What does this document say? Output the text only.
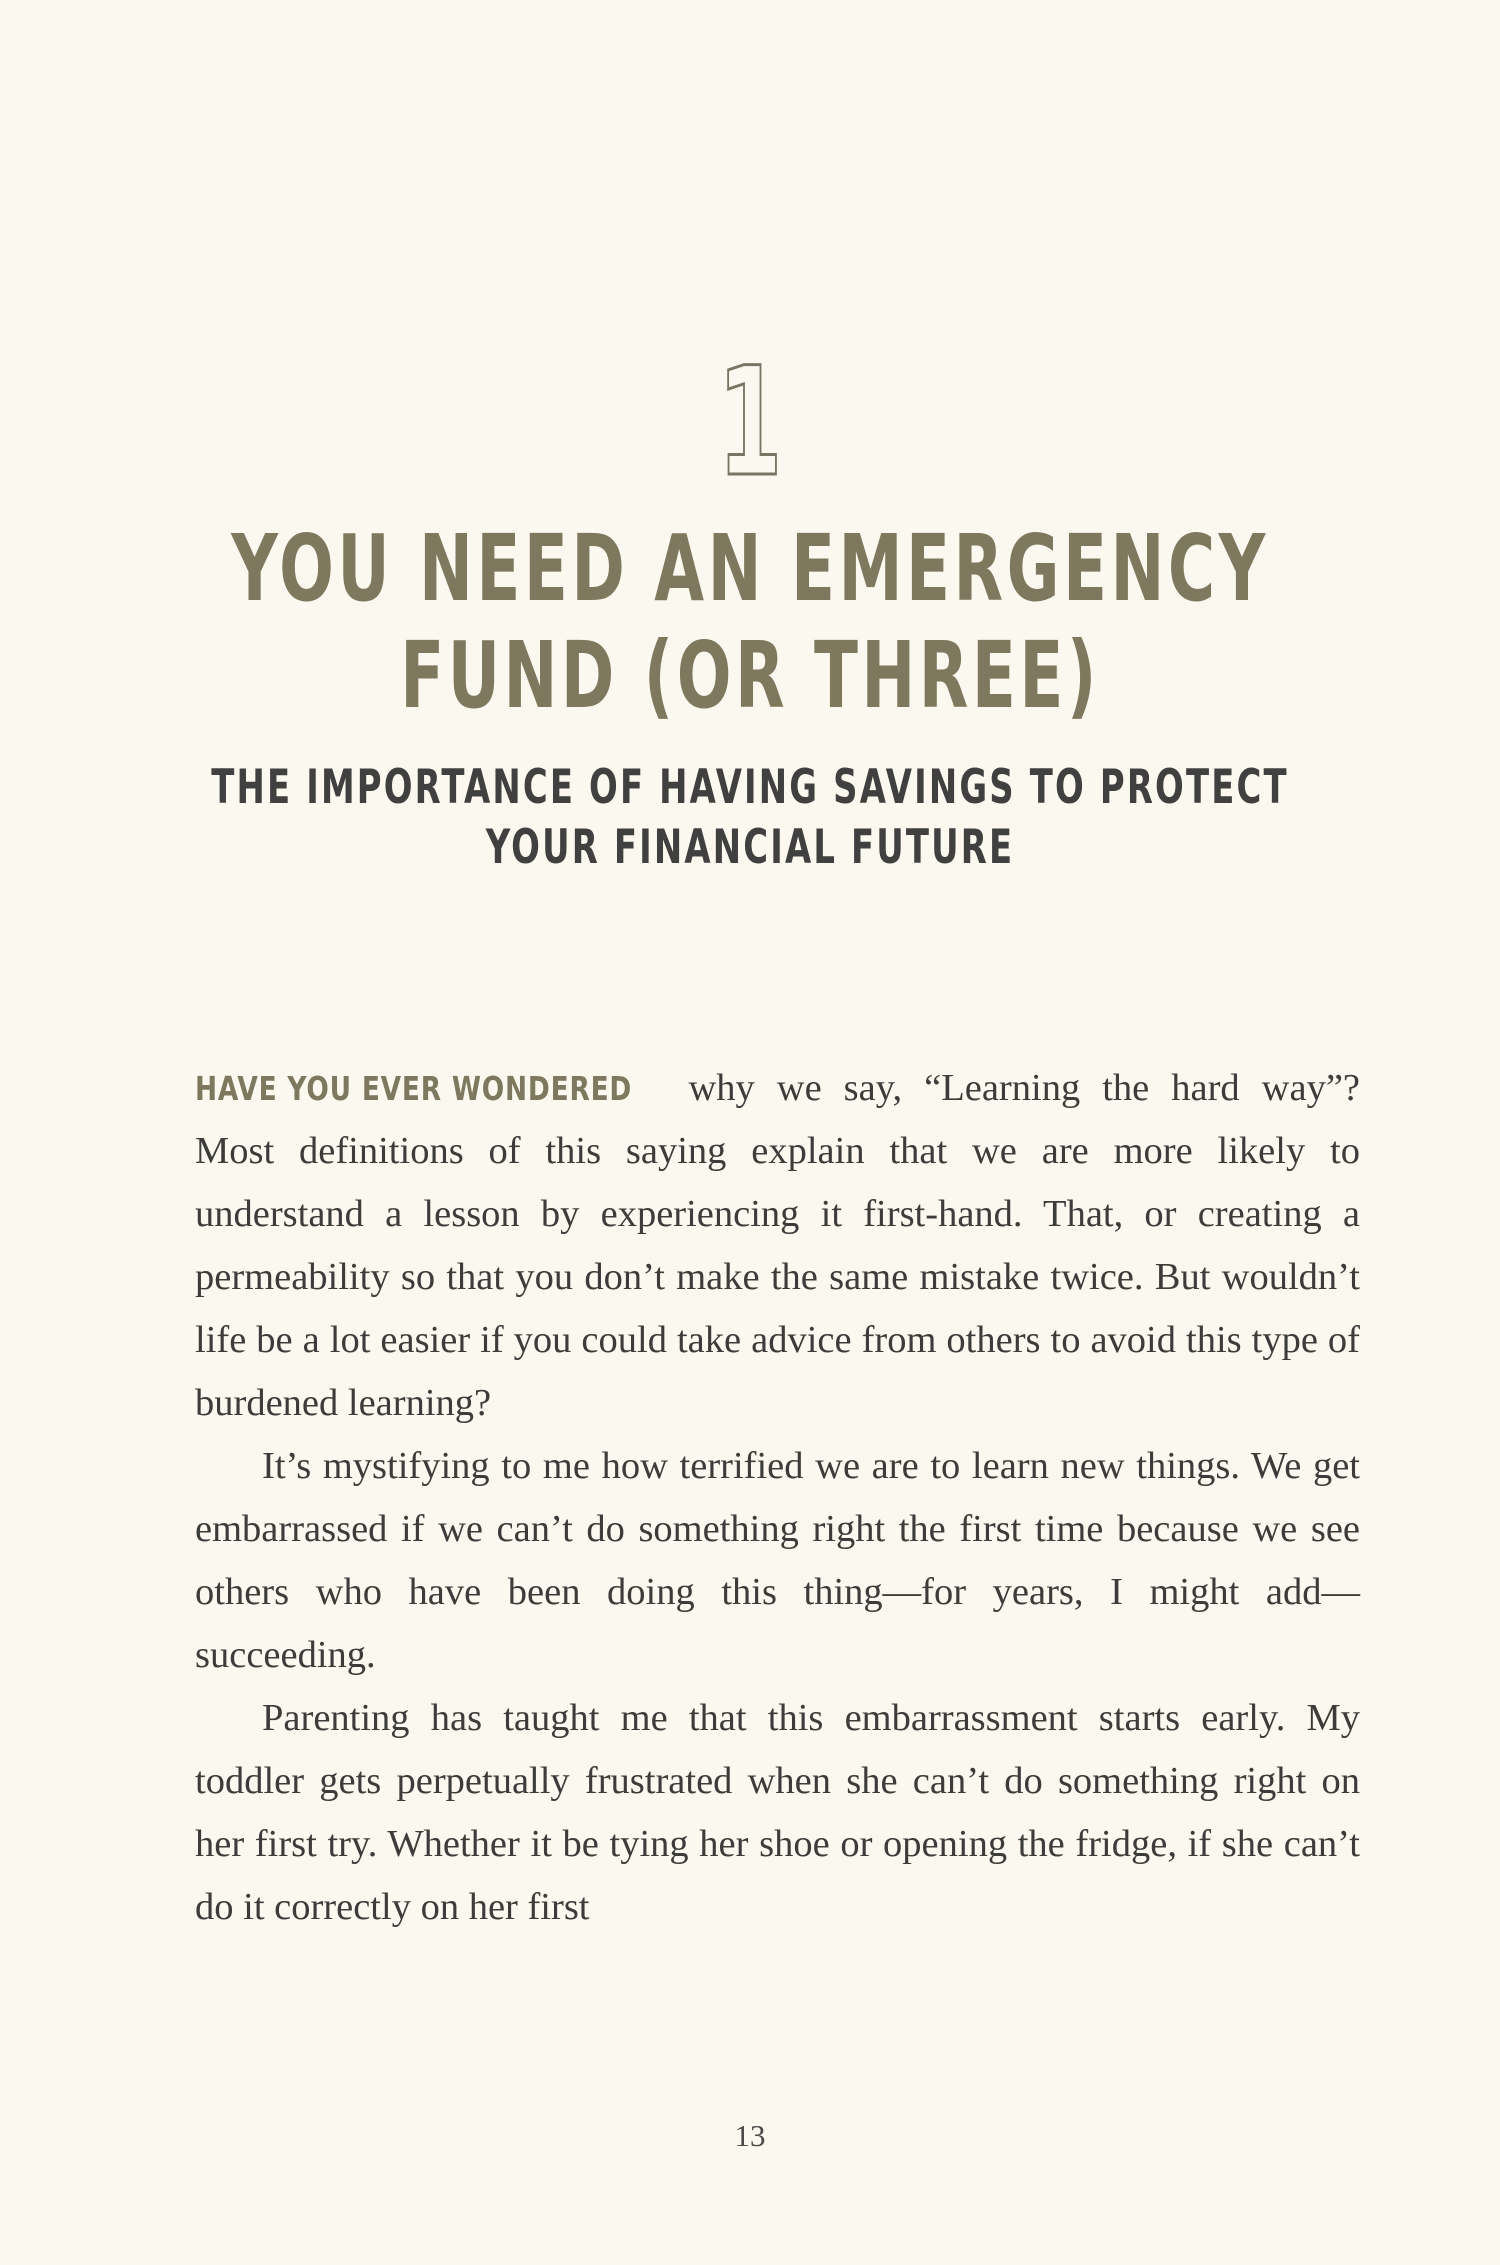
1
YOU NEED AN EMERGENCY
FUND (OR THREE)
THE IMPORTANCE OF HAVING SAVINGS TO PROTECT
YOUR FINANCIAL FUTURE

HAVE YOU EVER WONDERED why we say, “Learning the hard way”? Most definitions of this saying explain that we are more likely to understand a lesson by experiencing it first-hand. That, or creating a permeability so that you don’t make the same mistake twice. But wouldn’t life be a lot easier if you could take advice from others to avoid this type of burdened learning?

It’s mystifying to me how terrified we are to learn new things. We get embarrassed if we can’t do something right the first time because we see others who have been doing this thing—for years, I might add—succeeding.

Parenting has taught me that this embarrassment starts early. My toddler gets perpetually frustrated when she can’t do something right on her first try. Whether it be tying her shoe or opening the fridge, if she can’t do it correctly on her first

13
